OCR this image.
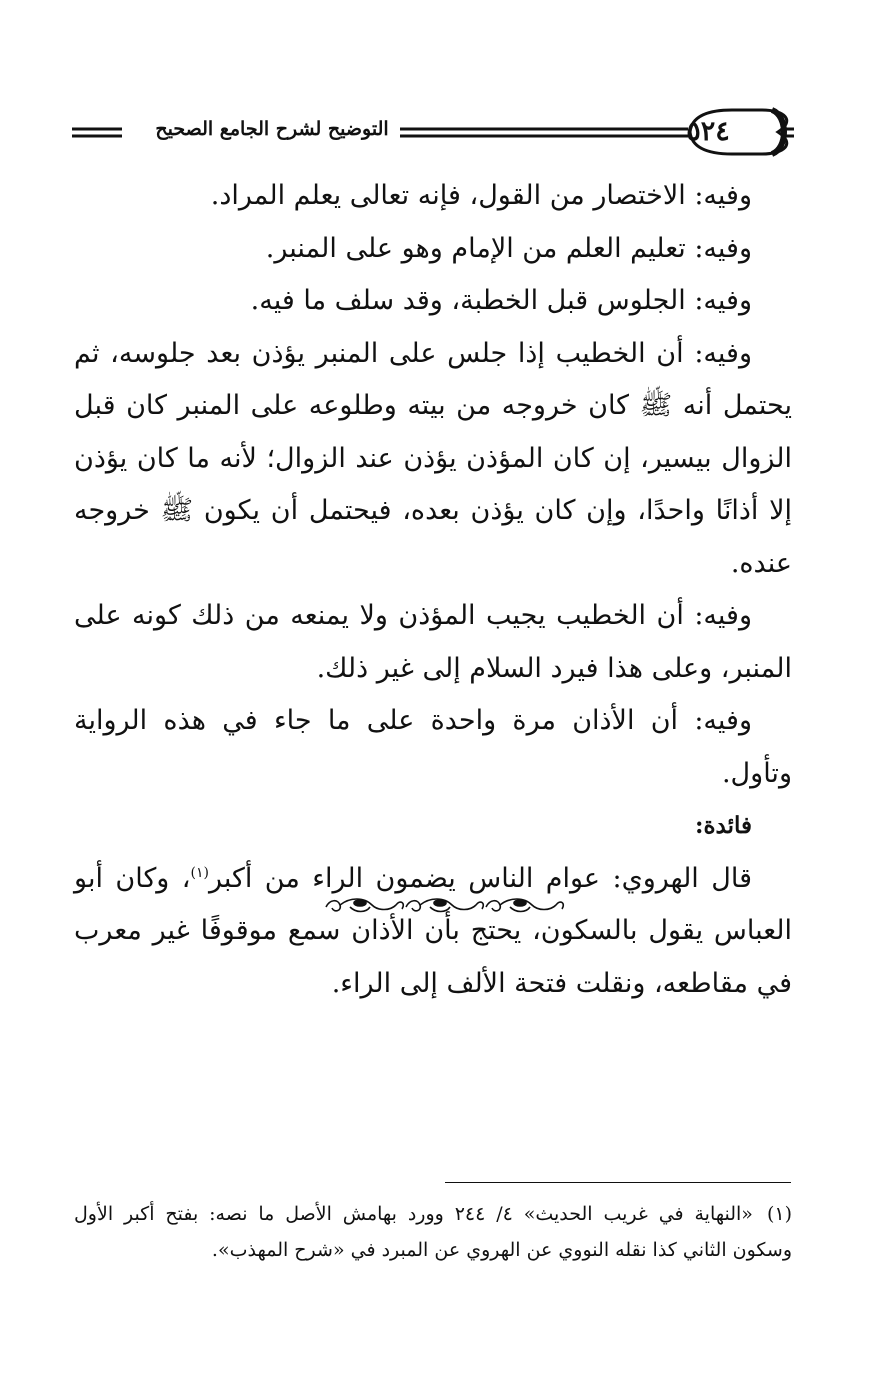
التوضيح لشرح الجامع الصحيح	٥٢٤

وفيه: الاختصار من القول، فإنه تعالى يعلم المراد.

وفيه: تعليم العلم من الإمام وهو على المنبر.

وفيه: الجلوس قبل الخطبة، وقد سلف ما فيه.

وفيه: أن الخطيب إذا جلس على المنبر يؤذن بعد جلوسه، ثم يحتمل أنه ﷺ كان خروجه من بيته وطلوعه على المنبر كان قبل الزوال بيسير، إن كان المؤذن يؤذن عند الزوال؛ لأنه ما كان يؤذن إلا أذانًا واحدًا، وإن كان يؤذن بعده، فيحتمل أن يكون ﷺ خروجه عنده.

وفيه: أن الخطيب يجيب المؤذن ولا يمنعه من ذلك كونه على المنبر، وعلى هذا فيرد السلام إلى غير ذلك.

وفيه: أن الأذان مرة واحدة على ما جاء في هذه الرواية وتأول.

فائدة:

قال الهروي: عوام الناس يضمون الراء من أكبر$^{(١)}$، وكان أبو العباس يقول بالسكون، يحتج بأن الأذان سمع موقوفًا غير معرب في مقاطعه، ونقلت فتحة الألف إلى الراء.

(١)«النهاية في غريب الحديث» ٤/ ٢٤٤ وورد بهامش الأصل ما نصه: بفتح أكبر الأول وسكون الثاني كذا نقله النووي عن الهروي عن المبرد في «شرح المهذب».
